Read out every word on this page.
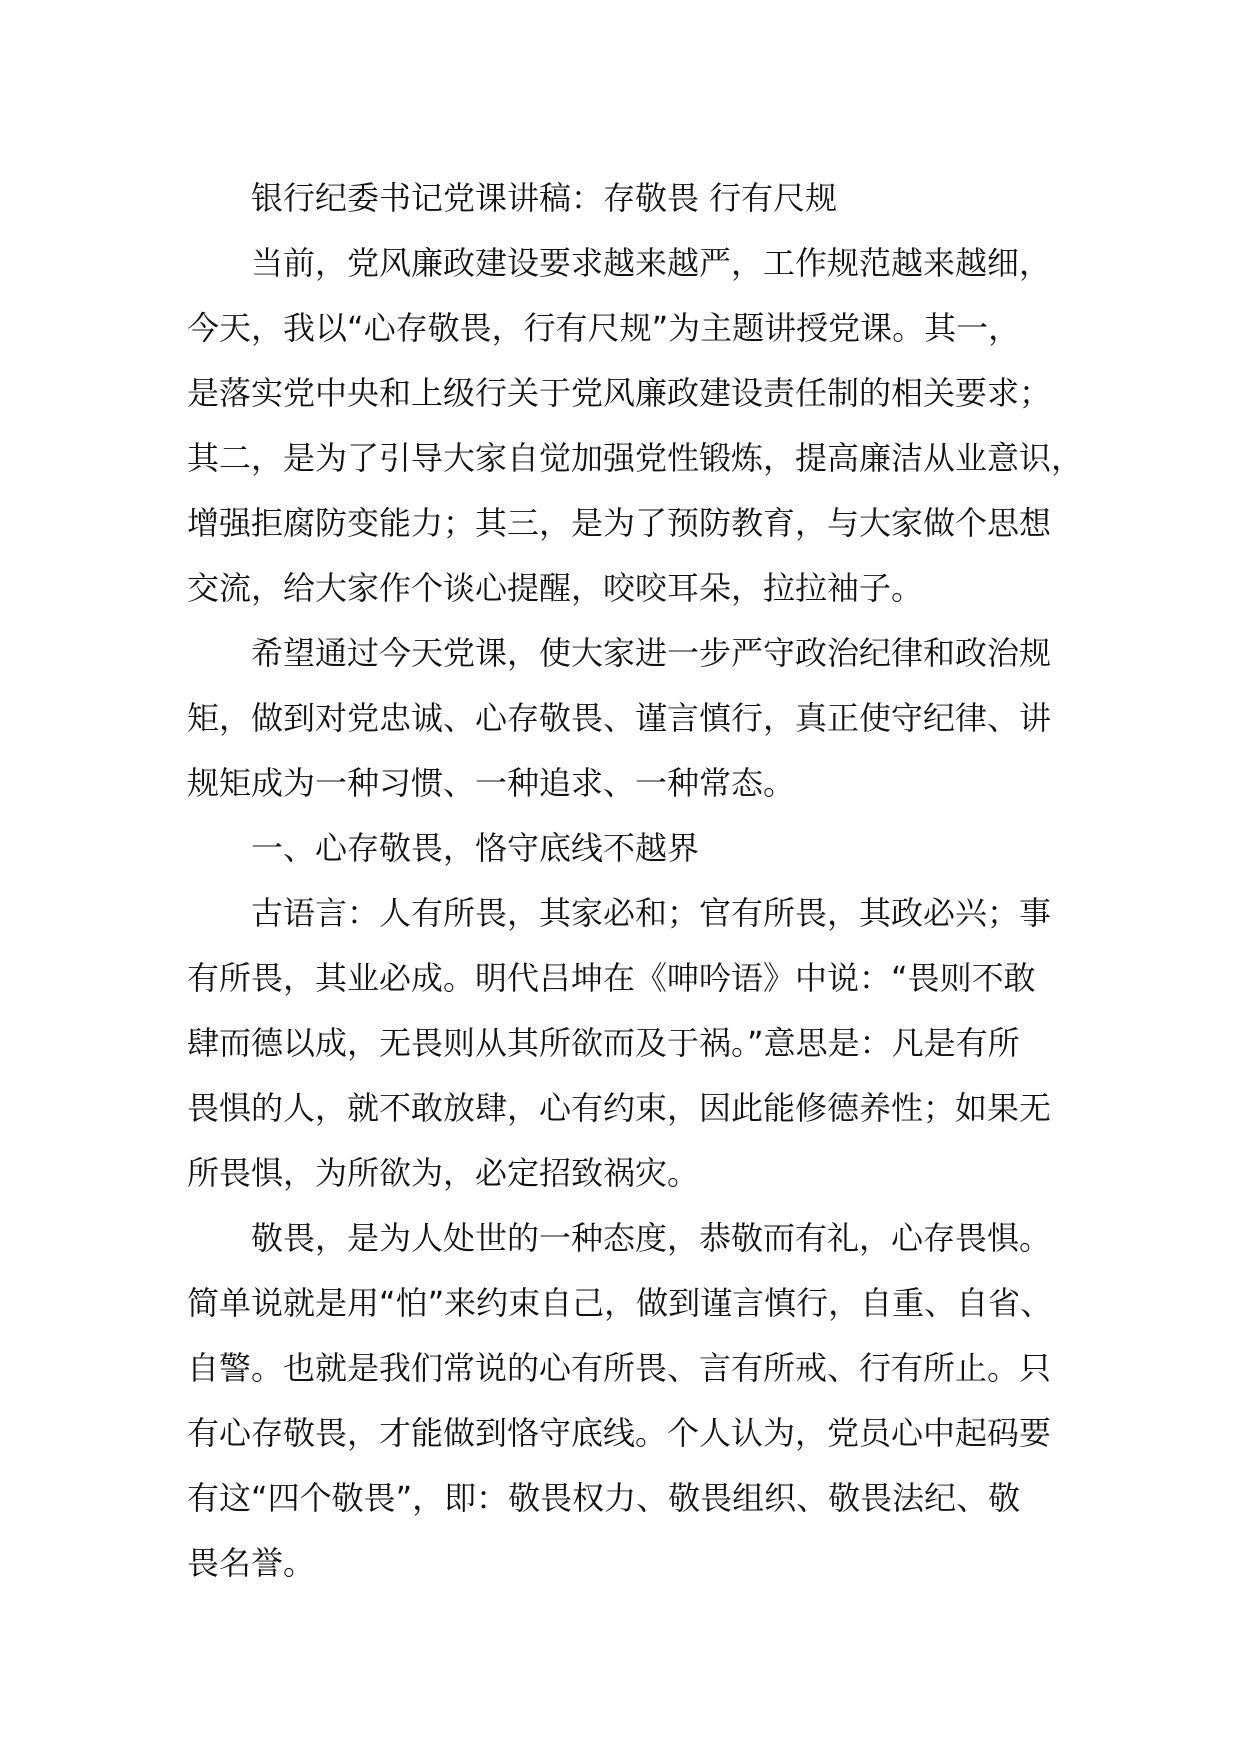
银行纪委书记党课讲稿：存敬畏 行有尺规
当前，党风廉政建设要求越来越严，工作规范越来越细，
今天，我以“心存敬畏，行有尺规”为主题讲授党课。其一，
是落实党中央和上级行关于党风廉政建设责任制的相关要求；
其二，是为了引导大家自觉加强党性锻炼，提高廉洁从业意识，
增强拒腐防变能力；其三，是为了预防教育，与大家做个思想
交流，给大家作个谈心提醒，咬咬耳朵，拉拉袖子。
希望通过今天党课，使大家进一步严守政治纪律和政治规
矩，做到对党忠诚、心存敬畏、谨言慎行，真正使守纪律、讲
规矩成为一种习惯、一种追求、一种常态。
一、心存敬畏，恪守底线不越界
古语言：人有所畏，其家必和；官有所畏，其政必兴；事
有所畏，其业必成。明代吕坤在《呻吟语》中说：“畏则不敢
肆而德以成，无畏则从其所欲而及于祸。”意思是：凡是有所
畏惧的人，就不敢放肆，心有约束，因此能修德养性；如果无
所畏惧，为所欲为，必定招致祸灾。
敬畏，是为人处世的一种态度，恭敬而有礼，心存畏惧。
简单说就是用“怕”来约束自己，做到谨言慎行，自重、自省、
自警。也就是我们常说的心有所畏、言有所戒、行有所止。只
有心存敬畏，才能做到恪守底线。个人认为，党员心中起码要
有这“四个敬畏”，即：敬畏权力、敬畏组织、敬畏法纪、敬
畏名誉。
